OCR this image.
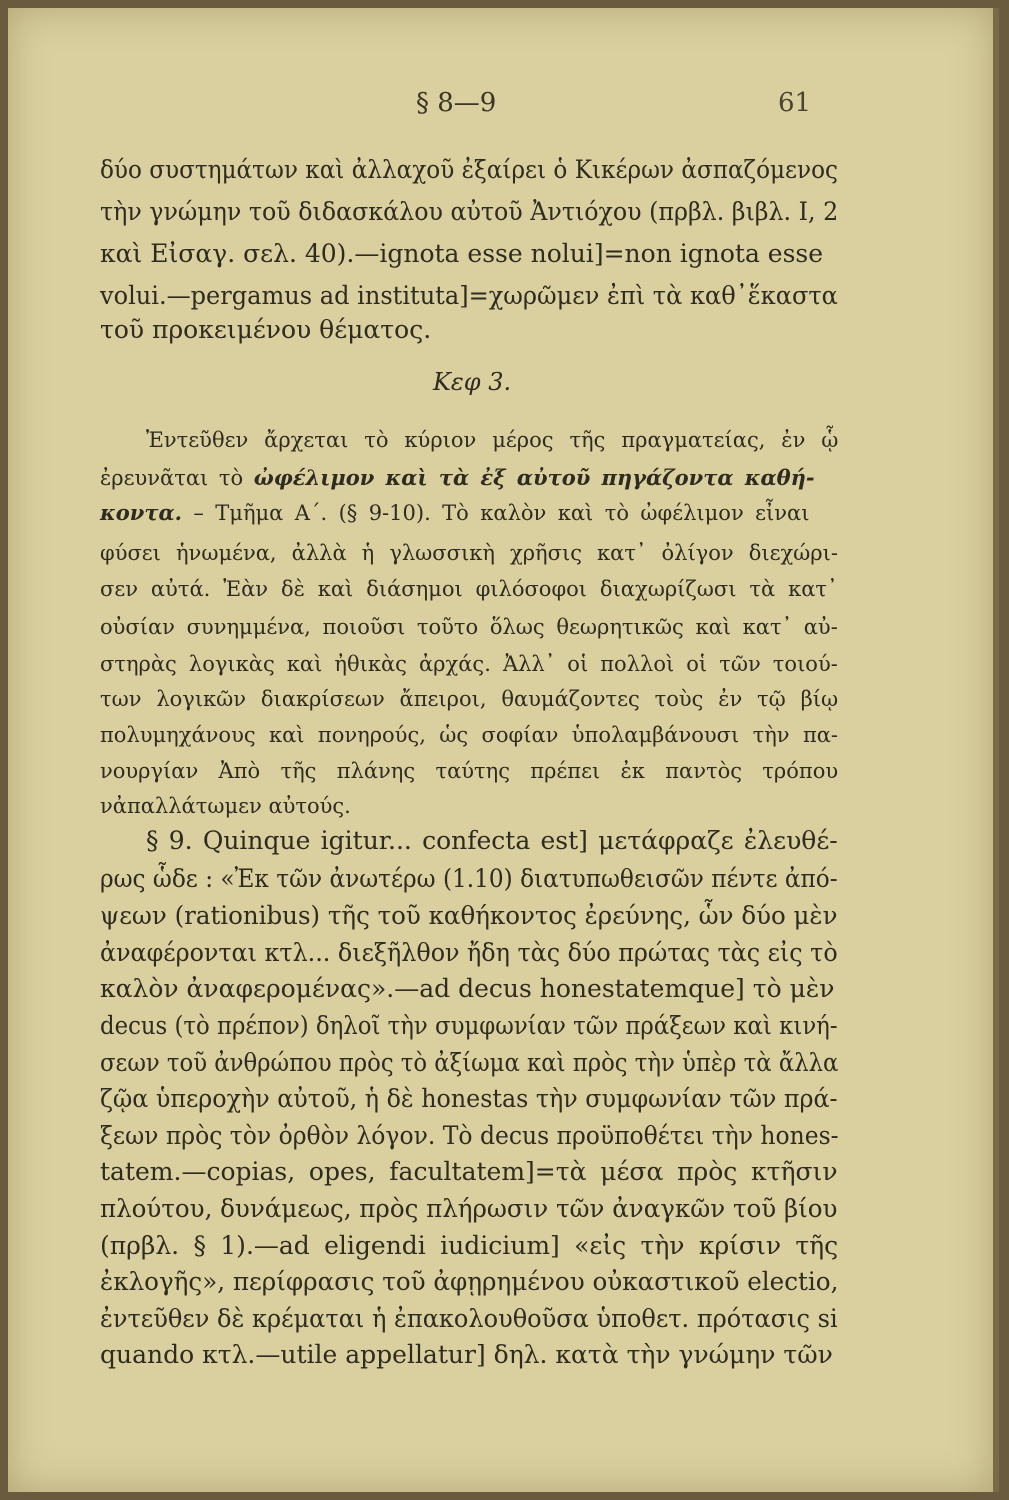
§ 8—9	61
δύο συστημάτων καὶ ἀλλαχοῦ ἐξαίρει ὁ Κικέρων ἀσπαζόμενος
τὴν γνώμην τοῦ διδασκάλου αὐτοῦ Ἀντιόχου (πρβλ. βιβλ. I, 2
καὶ Εἰσαγ. σελ. 40).—ignota esse nolui]=non ignota esse
volui.—pergamus ad instituta]=χωρῶμεν ἐπὶ τὰ καθ᾽ἕκαστα
τοῦ προκειμένου θέματος.
Κεφ 3.
Ἐντεῦθεν ἄρχεται τὸ κύριον μέρος τῆς πραγματείας, ἐν ᾧ
ἐρευνᾶται τὸ ὠφέλιμον καὶ τὰ ἐξ αὐτοῦ πηγάζοντα καθή-
κοντα. – Τμῆμα Α΄. (§ 9-10). Τὸ καλὸν καὶ τὸ ὠφέλιμον εἶναι
φύσει ἡνωμένα, ἀλλὰ ἡ γλωσσικὴ χρῆσις κατ᾽ ὀλίγον διεχώρι-
σεν αὐτά. Ἐὰν δὲ καὶ διάσημοι φιλόσοφοι διαχωρίζωσι τὰ κατ᾽
οὐσίαν συνημμένα, ποιοῦσι τοῦτο ὅλως θεωρητικῶς καὶ κατ᾽ αὐ-
στηρὰς λογικὰς καὶ ἠθικὰς ἀρχάς. Ἀλλ᾽ οἱ πολλοὶ οἱ τῶν τοιού-
των λογικῶν διακρίσεων ἄπειροι, θαυμάζοντες τοὺς ἐν τῷ βίῳ
πολυμηχάνους καὶ πονηρούς, ὡς σοφίαν ὑπολαμβάνουσι τὴν πα-
νουργίαν Ἀπὸ τῆς πλάνης ταύτης πρέπει ἐκ παντὸς τρόπου
νἀπαλλάτωμεν αὐτούς.
§ 9. Quinque igitur... confecta est] μετάφραζε ἐλευθέ-
ρως ὧδε : «Ἐκ τῶν ἀνωτέρω (1.10) διατυπωθεισῶν πέντε ἀπό-
ψεων (rationibus) τῆς τοῦ καθήκοντος ἐρεύνης, ὧν δύο μὲν
ἀναφέρονται κτλ... διεξῆλθον ἤδη τὰς δύο πρώτας τὰς εἰς τὸ
καλὸν ἀναφερομένας».—ad decus honestatemque] τὸ μὲν
decus (τὸ πρέπον) δηλοῖ τὴν συμφωνίαν τῶν πράξεων καὶ κινή-
σεων τοῦ ἀνθρώπου πρὸς τὸ ἀξίωμα καὶ πρὸς τὴν ὑπὲρ τὰ ἄλλα
ζῷα ὑπεροχὴν αὐτοῦ, ἡ δὲ honestas τὴν συμφωνίαν τῶν πρά-
ξεων πρὸς τὸν ὀρθὸν λόγον. Τὸ decus προϋποθέτει τὴν hones-
tatem.—copias, opes, facultatem]=τὰ μέσα πρὸς κτῆσιν
πλούτου, δυνάμεως, πρὸς πλήρωσιν τῶν ἀναγκῶν τοῦ βίου
(πρβλ. § 1).—ad eligendi iudicium] «εἰς τὴν κρίσιν τῆς
ἐκλογῆς», περίφρασις τοῦ ἀφῃρημένου οὐκαστικοῦ electio,
ἐντεῦθεν δὲ κρέμαται ἡ ἐπακολουθοῦσα ὑποθετ. πρότασις si
quando κτλ.—utile appellatur] δηλ. κατὰ τὴν γνώμην τῶν
